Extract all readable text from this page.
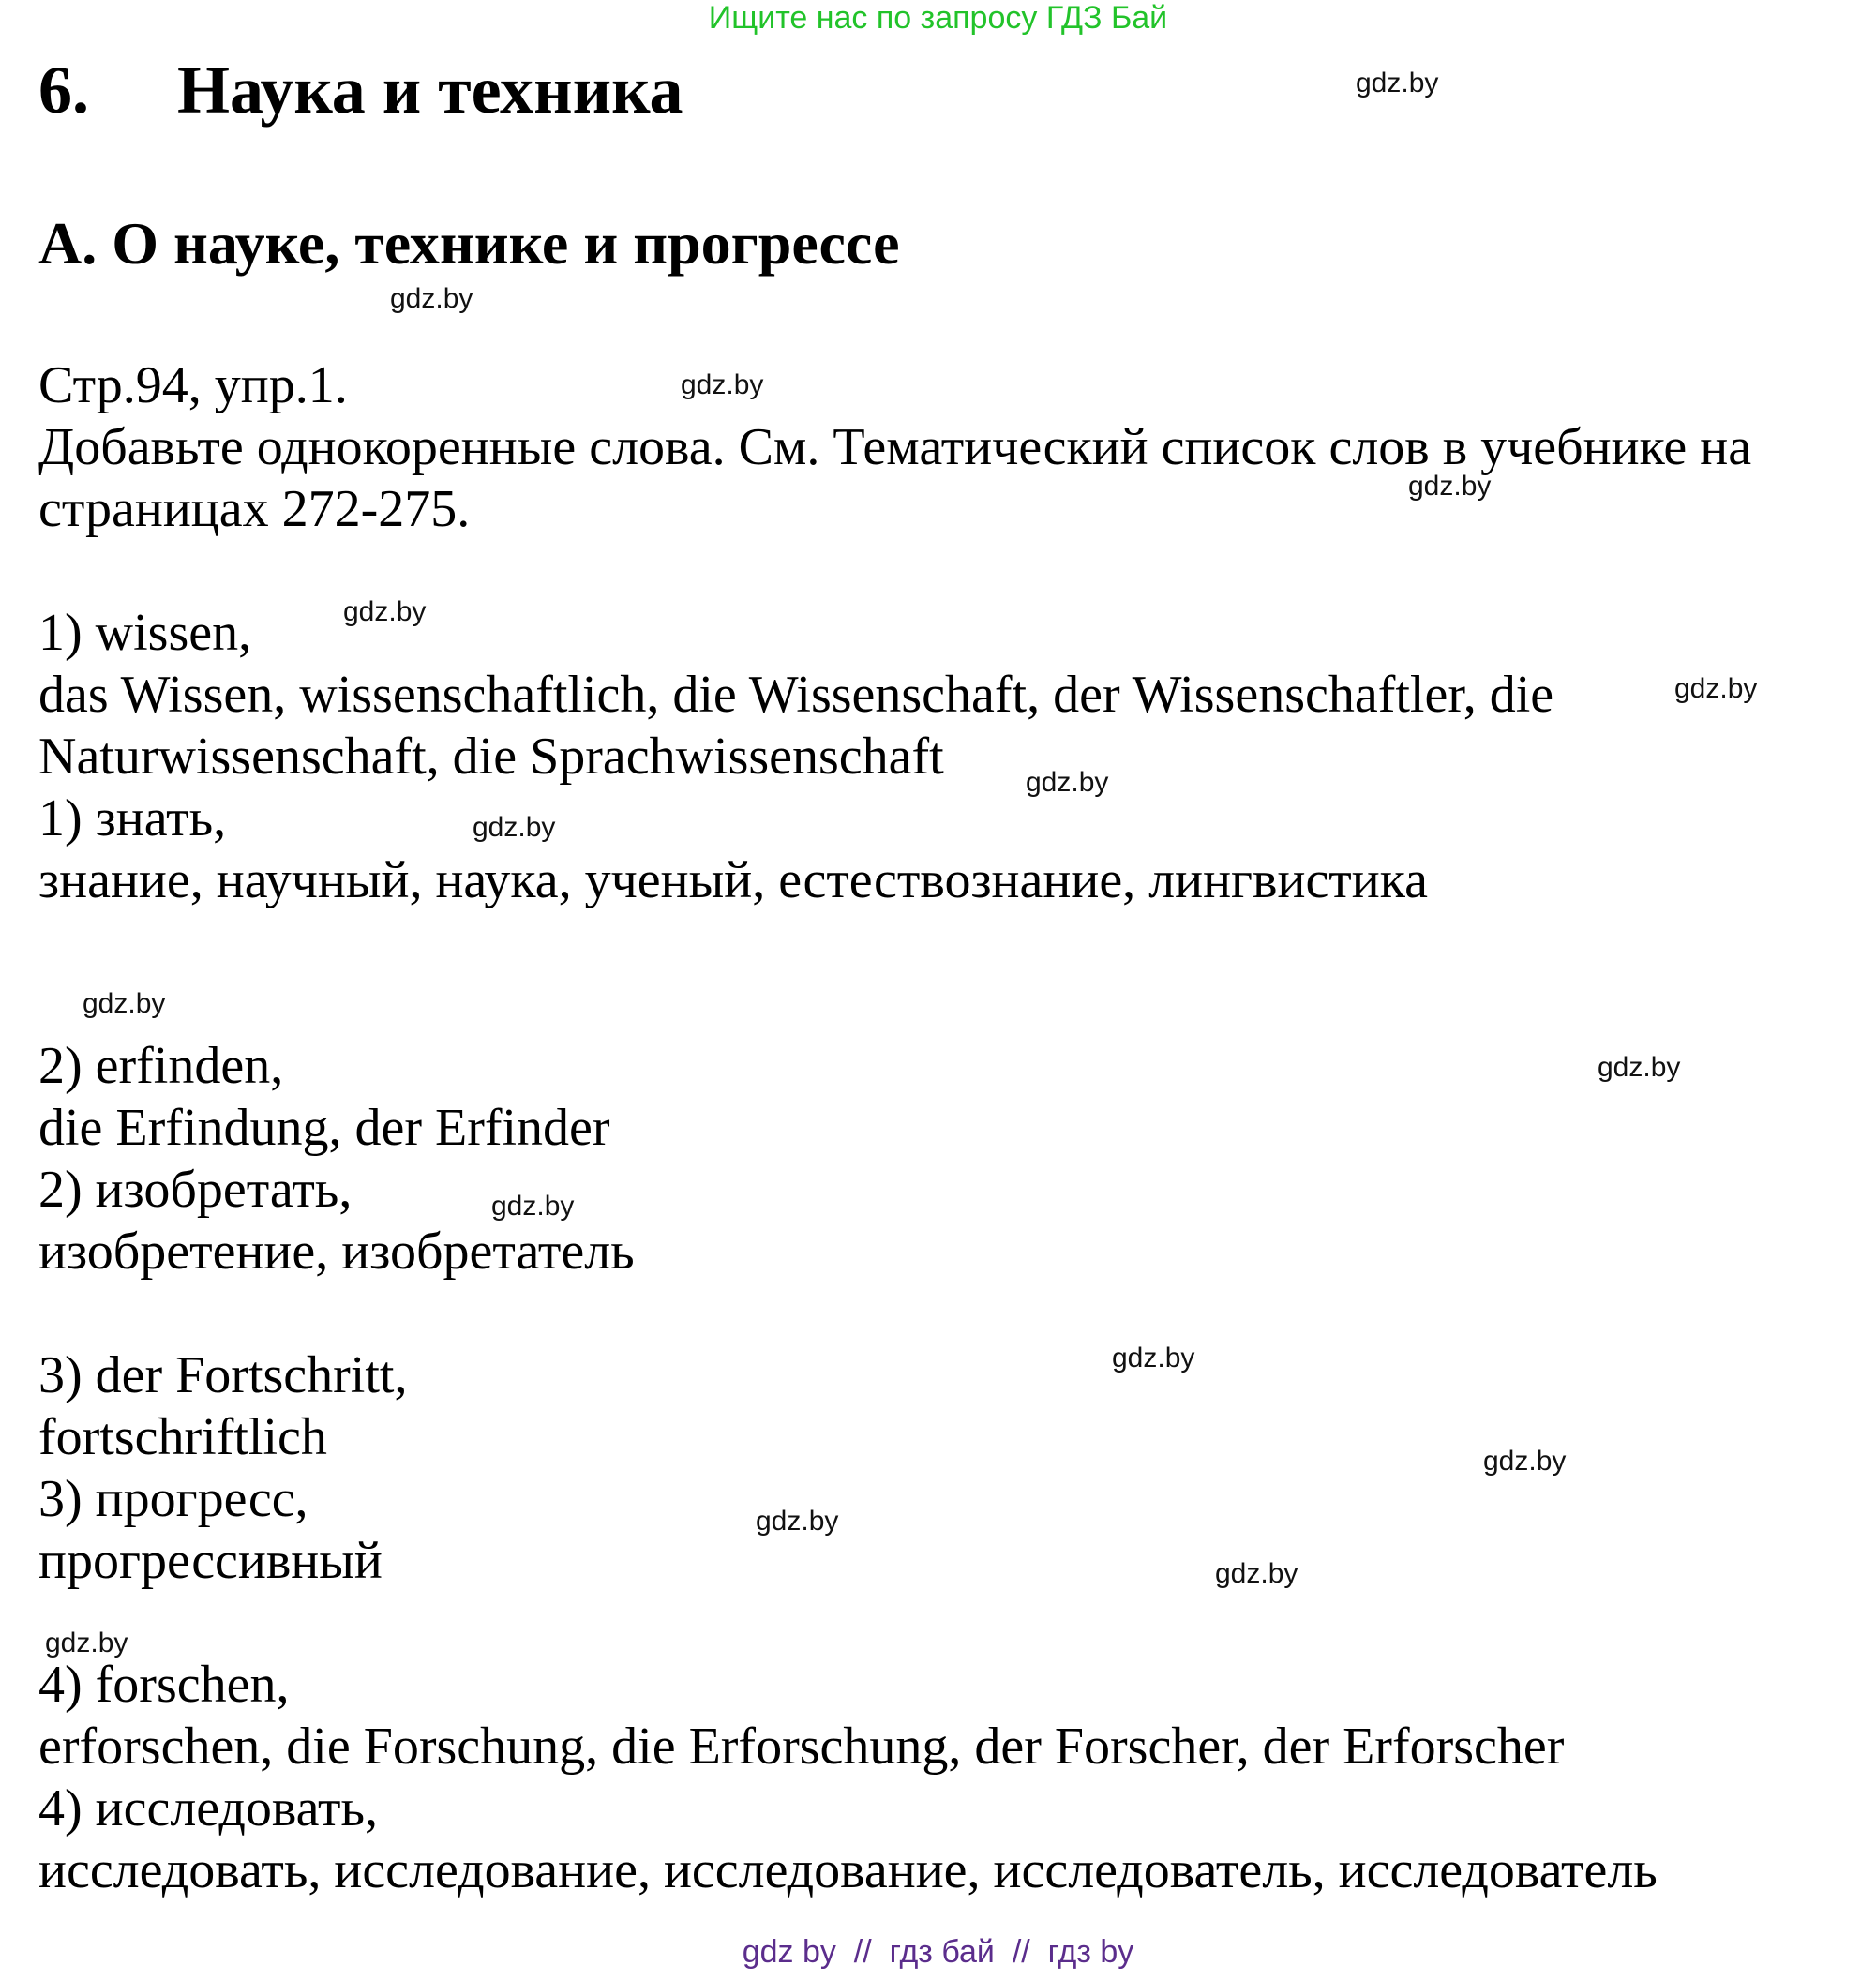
Ищите нас по запросу ГДЗ Бай
6. Наука и техника
A. О науке, технике и прогрессе
Стр.94, упр.1.
Добавьте однокоренные слова. См. Тематический список слов в учебнике на
страницах 272-275.
1) wissen,
das Wissen, wissenschaftlich, die Wissenschaft, der Wissenschaftler, die
Naturwissenschaft, die Sprachwissenschaft
1) знать,
знание, научный, наука, ученый, естествознание, лингвистика
2) erfinden,
die Erfindung, der Erfinder
2) изобретать,
изобретение, изобретатель
3) der Fortschritt,
fortschriftlich
3) прогресс,
прогрессивный
4) forschen,
erforschen, die Forschung, die Erforschung, der Forscher, der Erforscher
4) исследовать,
исследовать, исследование, исследование, исследователь, исследователь
gdz.by
gdz.by
gdz.by
gdz.by
gdz.by
gdz.by
gdz.by
gdz.by
gdz.by
gdz.by
gdz.by
gdz.by
gdz.by
gdz.by
gdz.by
gdz.by
gdz by  //  гдз бай  //  гдз by
